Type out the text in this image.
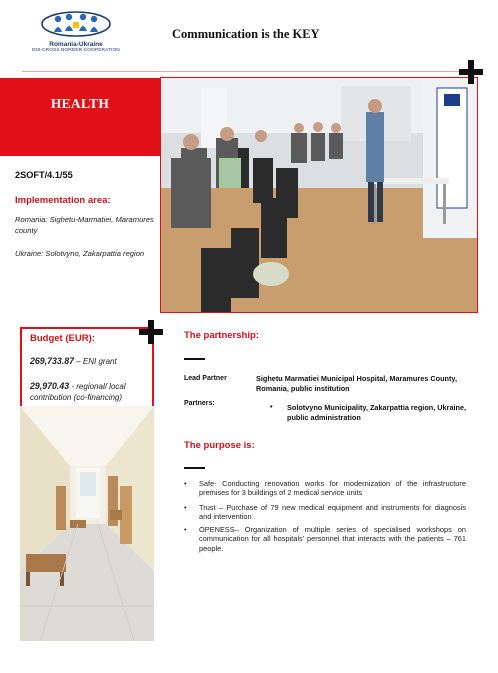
Romania-Ukraine
ENI-CROSS BORDER COOPERATION
Communication is the KEY
HEALTH
2SOFT/4.1/55
Implementation area:
Romania: Sighetu-Marmatiei, Maramures county
Ukraine: Solotvyno, Zakarpattia region
Budget (EUR):
269,733.87 – ENI grant
29,970.43 - regional/ local contribution (co-financing)
The partnership:
Lead Partner	Sighetu Marmatiei Municipal Hospital, Maramures County, Romania, public institution
Partners:	• Solotvyno Municipality, Zakarpattia region, Ukraine, public administration
The purpose is:
• Safe- Conducting renovation works for modernization of the infrastructure premises for 3 buildings of 2 medical service units
• Trust – Purchase of 79 new medical equipment and instruments for diagnosis and intervention
• OPENESS– Organization of multiple series of specialised workshops on communication for all hospitals' personnel that interacts with the patients – 761 people.
